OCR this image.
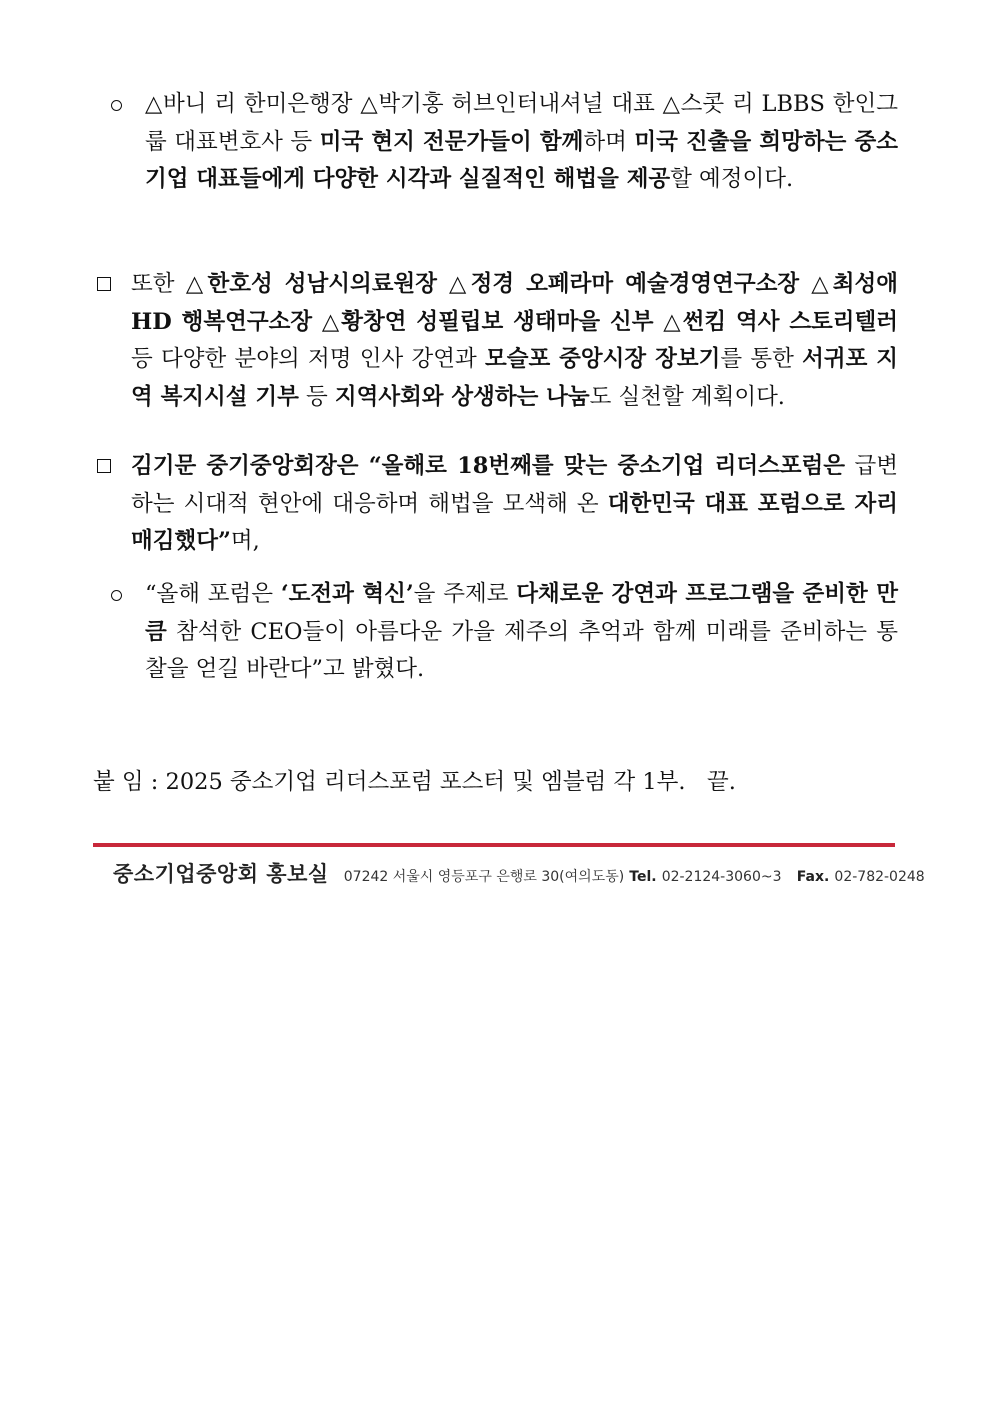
△바니 리 한미은행장 △박기홍 허브인터내셔널 대표 △스콧 리 LBBS 한인그룹 대표변호사 등 미국 현지 전문가들이 함께하며 미국 진출을 희망하는 중소기업 대표들에게 다양한 시각과 실질적인 해법을 제공할 예정이다.
또한 △한호성 성남시의료원장 △정경 오페라마 예술경영연구소장 △최성애 HD 행복연구소장 △황창연 성필립보 생태마을 신부 △썬킴 역사 스토리텔러 등 다양한 분야의 저명 인사 강연과 모슬포 중앙시장 장보기를 통한 서귀포 지역 복지시설 기부 등 지역사회와 상생하는 나눔도 실천할 계획이다.
김기문 중기중앙회장은 “올해로 18번째를 맞는 중소기업 리더스포럼은 급변하는 시대적 현안에 대응하며 해법을 모색해 온 대한민국 대표 포럼으로 자리매김했다”며,
“올해 포럼은 ‘도전과 혁신’을 주제로 다채로운 강연과 프로그램을 준비한 만큼 참석한 CEO들이 아름다운 가을 제주의 추억과 함께 미래를 준비하는 통찰을 얻길 바란다”고 밝혔다.
붙 임 : 2025 중소기업 리더스포럼 포스터 및 엠블럼 각 1부. 끝.
중소기업중앙회 홍보실 07242 서울시 영등포구 은행로 30(여의도동) Tel. 02-2124-3060~3 Fax. 02-782-0248
